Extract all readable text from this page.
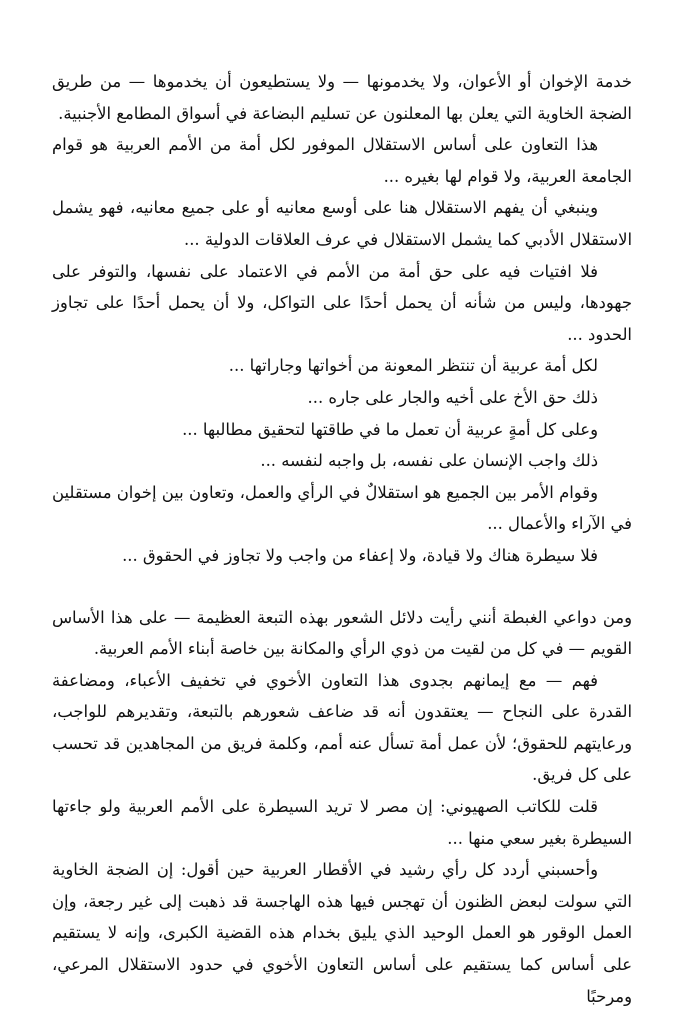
خدمة الإخوان أو الأعوان، ولا يخدمونها — ولا يستطيعون أن يخدموها — من طريق الضجة الخاوية التي يعلن بها المعلنون عن تسليم البضاعة في أسواق المطامع الأجنبية.

هذا التعاون على أساس الاستقلال الموفور لكل أمة من الأمم العربية هو قوام الجامعة العربية، ولا قوام لها بغيره ...

وينبغي أن يفهم الاستقلال هنا على أوسع معانيه أو على جميع معانيه، فهو يشمل الاستقلال الأدبي كما يشمل الاستقلال في عرف العلاقات الدولية ...

فلا افتيات فيه على حق أمة من الأمم في الاعتماد على نفسها، والتوفر على جهودها، وليس من شأنه أن يحمل أحدًا على التواكل، ولا أن يحمل أحدًا على تجاوز الحدود ...

لكل أمة عربية أن تنتظر المعونة من أخواتها وجاراتها ...

ذلك حق الأخ على أخيه والجار على جاره ...

وعلى كل أمةٍ عربية أن تعمل ما في طاقتها لتحقيق مطالبها ...

ذلك واجب الإنسان على نفسه، بل واجبه لنفسه ...

وقوام الأمر بين الجميع هو استقلالٌ في الرأي والعمل، وتعاون بين إخوان مستقلين في الآراء والأعمال ...

فلا سيطرة هناك ولا قيادة، ولا إعفاء من واجب ولا تجاوز في الحقوق ...

ومن دواعي الغبطة أنني رأيت دلائل الشعور بهذه التبعة العظيمة — على هذا الأساس القويم — في كل من لقيت من ذوي الرأي والمكانة بين خاصة أبناء الأمم العربية.

فهم — مع إيمانهم بجدوى هذا التعاون الأخوي في تخفيف الأعباء، ومضاعفة القدرة على النجاح — يعتقدون أنه قد ضاعف شعورهم بالتبعة، وتقديرهم للواجب، ورعايتهم للحقوق؛ لأن عمل أمة تسأل عنه أمم، وكلمة فريق من المجاهدين قد تحسب على كل فريق.

قلت للكاتب الصهيوني: إن مصر لا تريد السيطرة على الأمم العربية ولو جاءتها السيطرة بغير سعي منها ...

وأحسبني أردد كل رأي رشيد في الأقطار العربية حين أقول: إن الضجة الخاوية التي سولت لبعض الظنون أن تهجس فيها هذه الهاجسة قد ذهبت إلى غير رجعة، وإن العمل الوقور هو العمل الوحيد الذي يليق بخدام هذه القضية الكبرى، وإنه لا يستقيم على أساس كما يستقيم على أساس التعاون الأخوي في حدود الاستقلال المرعي، ومرحبًا
